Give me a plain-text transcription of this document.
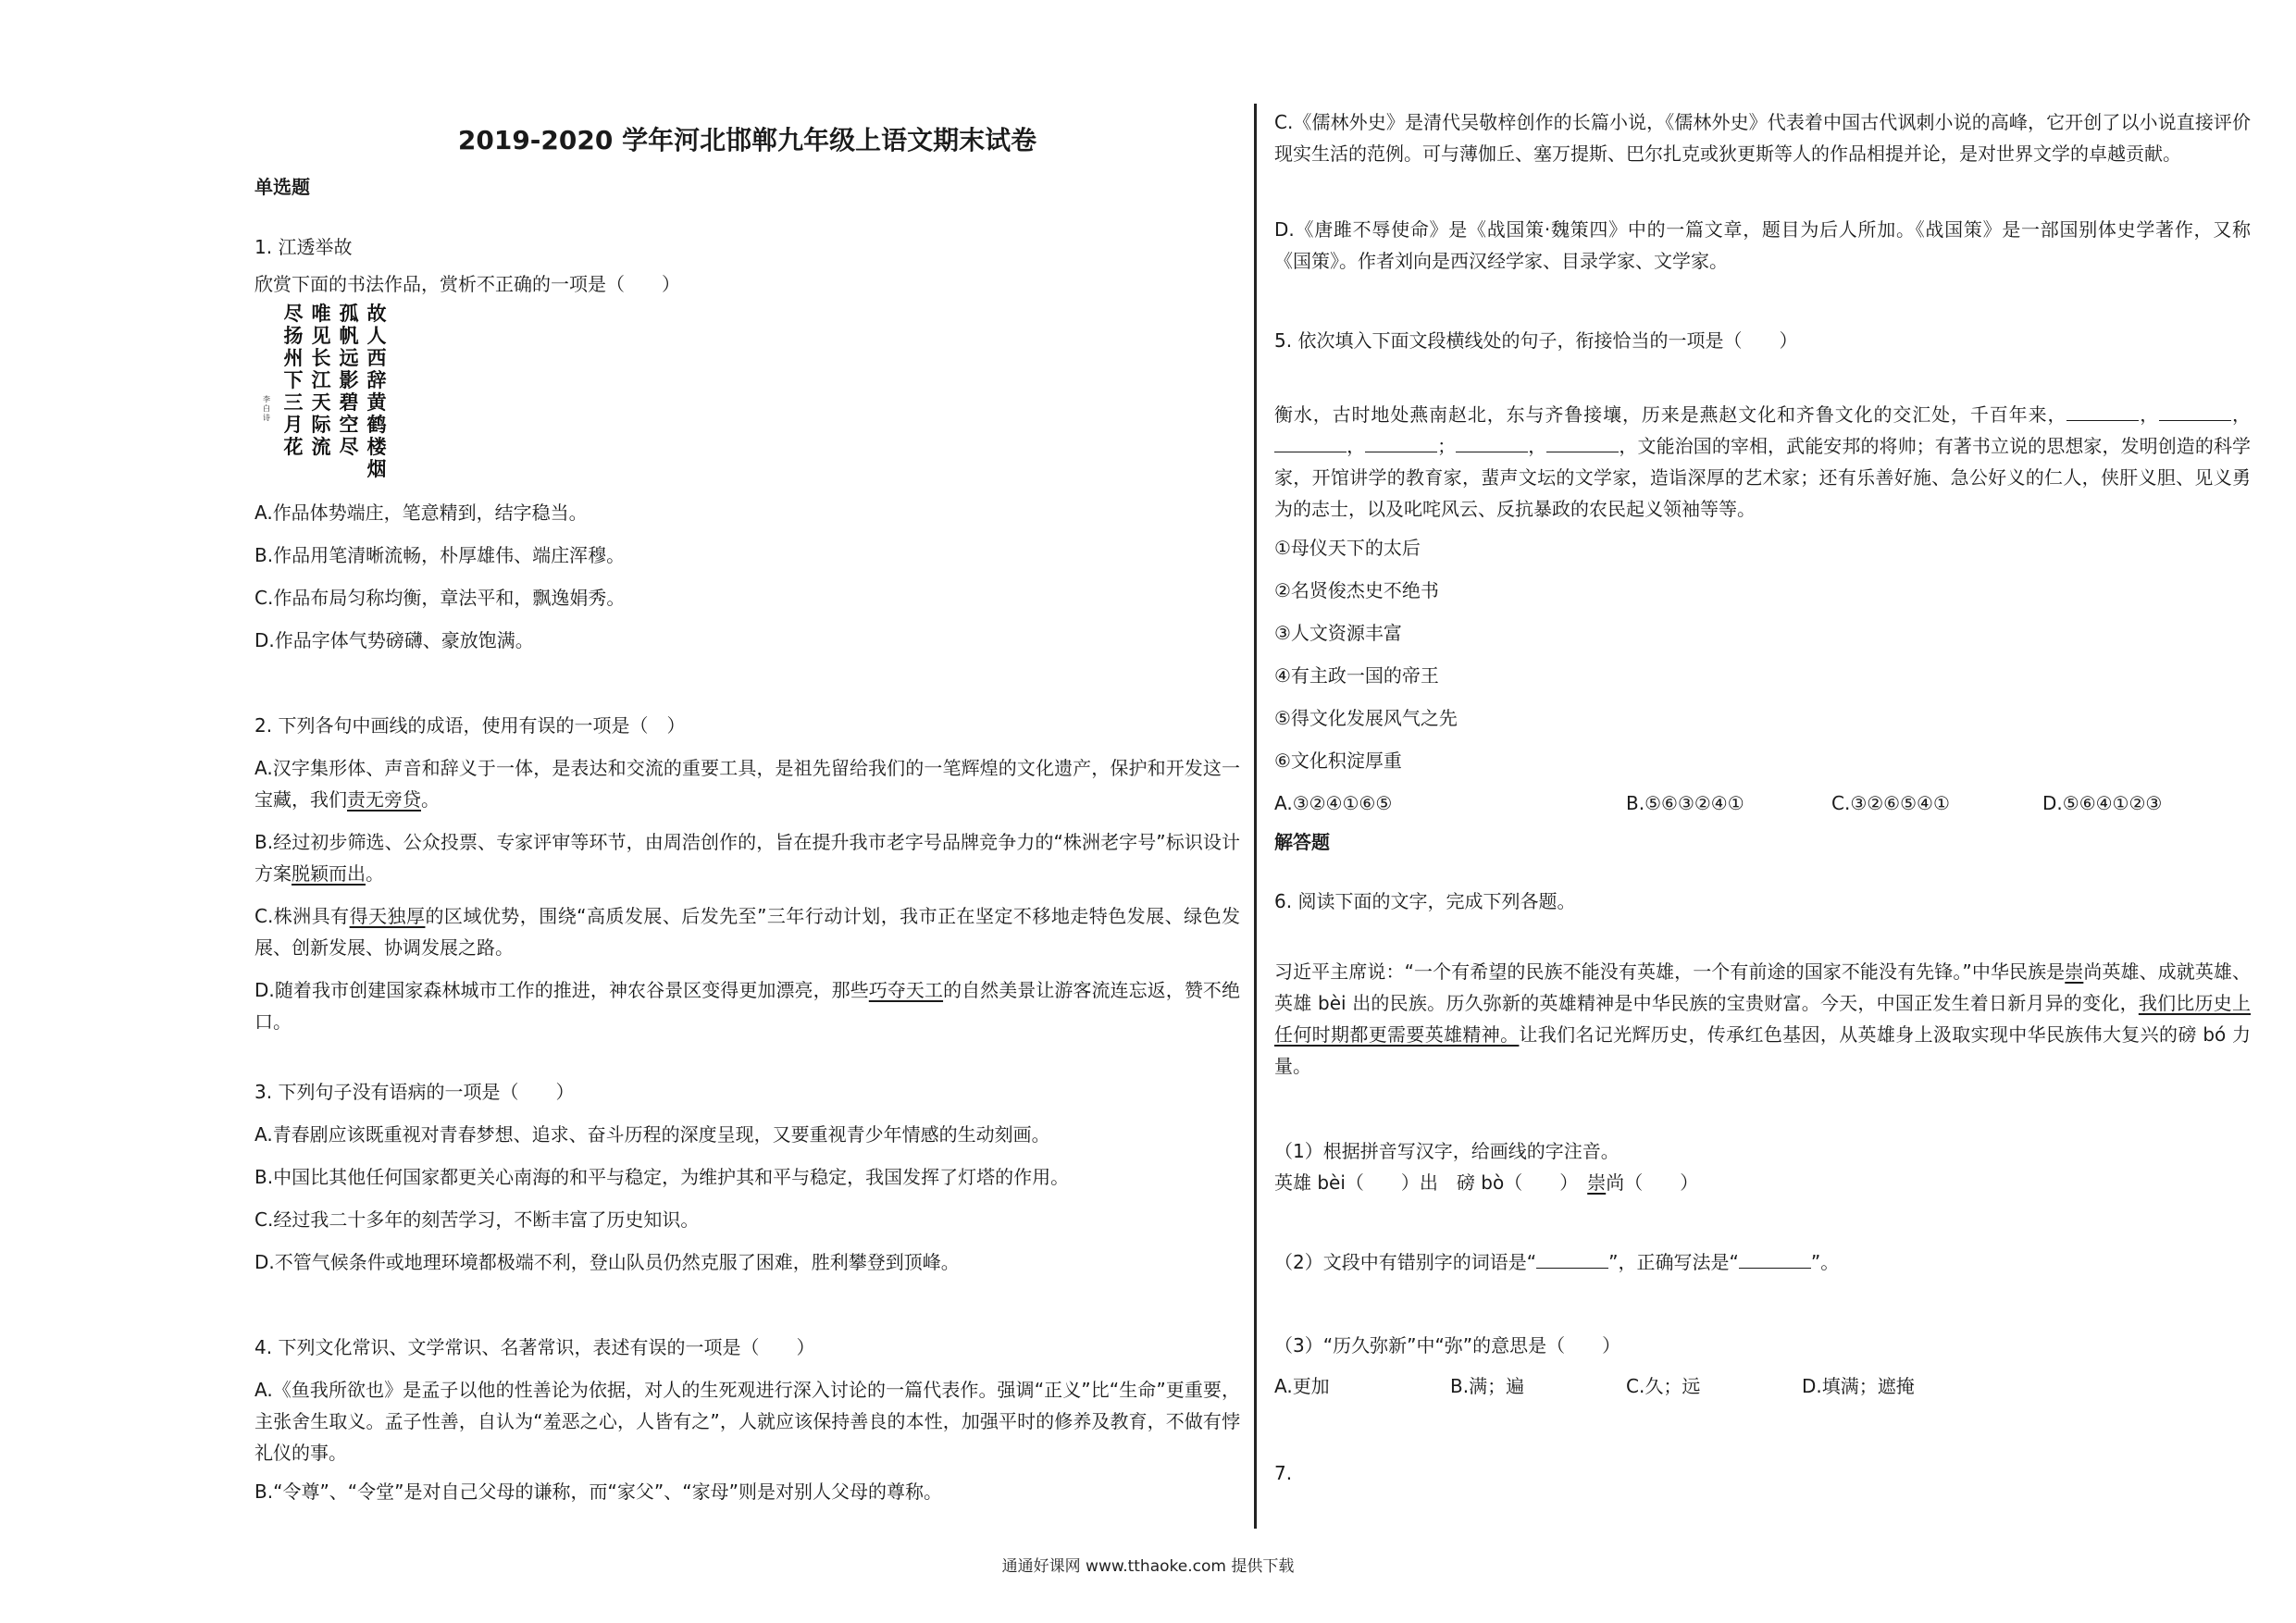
2019-2020 学年河北邯郸九年级上语文期末试卷
单选题
1. 江透举故
欣赏下面的书法作品，赏析不正确的一项是（　　）
故人西辞黄鹤楼烟
孤帆远影碧空尽
唯见长江天际流
尽扬州下三月花
李白诗
A.作品体势端庄，笔意精到，结字稳当。
B.作品用笔清晰流畅，朴厚雄伟、端庄浑穆。
C.作品布局匀称均衡，章法平和，飘逸娟秀。
D.作品字体气势磅礴、豪放饱满。
2. 下列各句中画线的成语，使用有误的一项是（　）
A.汉字集形体、声音和辞义于一体，是表达和交流的重要工具，是祖先留给我们的一笔辉煌的文化遗产，保护和开发这一宝藏，我们责无旁贷。
B.经过初步筛选、公众投票、专家评审等环节，由周浩创作的，旨在提升我市老字号品牌竞争力的“株洲老字号”标识设计方案脱颖而出。
C.株洲具有得天独厚的区域优势，围绕“高质发展、后发先至”三年行动计划，我市正在坚定不移地走特色发展、绿色发展、创新发展、协调发展之路。
D.随着我市创建国家森林城市工作的推进，神农谷景区变得更加漂亮，那些巧夺天工的自然美景让游客流连忘返，赞不绝口。
3. 下列句子没有语病的一项是（　　）
A.青春剧应该既重视对青春梦想、追求、奋斗历程的深度呈现，又要重视青少年情感的生动刻画。
B.中国比其他任何国家都更关心南海的和平与稳定，为维护其和平与稳定，我国发挥了灯塔的作用。
C.经过我二十多年的刻苦学习，不断丰富了历史知识。
D.不管气候条件或地理环境都极端不利，登山队员仍然克服了困难，胜利攀登到顶峰。
4. 下列文化常识、文学常识、名著常识，表述有误的一项是（　　）
A.《鱼我所欲也》是孟子以他的性善论为依据，对人的生死观进行深入讨论的一篇代表作。强调“正义”比“生命”更重要，主张舍生取义。孟子性善，自认为“羞恶之心，人皆有之”，人就应该保持善良的本性，加强平时的修养及教育，不做有悖礼仪的事。
B.“令尊”、“令堂”是对自己父母的谦称，而“家父”、“家母”则是对别人父母的尊称。
C.《儒林外史》是清代吴敬梓创作的长篇小说，《儒林外史》代表着中国古代讽刺小说的高峰，它开创了以小说直接评价现实生活的范例。可与薄伽丘、塞万提斯、巴尔扎克或狄更斯等人的作品相提并论，是对世界文学的卓越贡献。
D.《唐雎不辱使命》是《战国策·魏策四》中的一篇文章，题目为后人所加。《战国策》是一部国别体史学著作，又称《国策》。作者刘向是西汉经学家、目录学家、文学家。
5. 依次填入下面文段横线处的句子，衔接恰当的一项是（　　）
衡水，古时地处燕南赵北，东与齐鲁接壤，历来是燕赵文化和齐鲁文化的交汇处，千百年来，	，	，，	；	，	，文能治国的宰相，武能安邦的将帅；有著书立说的思想家，发明创造的科学家，开馆讲学的教育家，蜚声文坛的文学家，造诣深厚的艺术家；还有乐善好施、急公好义的仁人，侠肝义胆、见义勇为的志士，以及叱咤风云、反抗暴政的农民起义领袖等等。
①母仪天下的太后
②名贤俊杰史不绝书
③人文资源丰富
④有主政一国的帝王
⑤得文化发展风气之先
⑥文化积淀厚重
A.③②④①⑥⑤	B.⑤⑥③②④①	C.③②⑥⑤④①	D.⑤⑥④①②③
解答题
6. 阅读下面的文字，完成下列各题。
习近平主席说：“一个有希望的民族不能没有英雄，一个有前途的国家不能没有先锋。”中华民族是崇尚英雄、成就英雄、英雄 bèi 出的民族。历久弥新的英雄精神是中华民族的宝贵财富。今天，中国正发生着日新月异的变化，我们比历史上任何时期都更需要英雄精神。让我们名记光辉历史，传承红色基因，从英雄身上汲取实现中华民族伟大复兴的磅 bó 力量。
（1）根据拼音写汉字，给画线的字注音。
英雄 bèi（　　）出　磅 bò（　　）　崇尚（　　）
（2）文段中有错别字的词语是“	”，正确写法是“	”。
（3）“历久弥新”中“弥”的意思是（　　）
A.更加	B.满；遍	C.久；远	D.填满；遮掩
7.
通通好课网 www.tthaoke.com 提供下载
